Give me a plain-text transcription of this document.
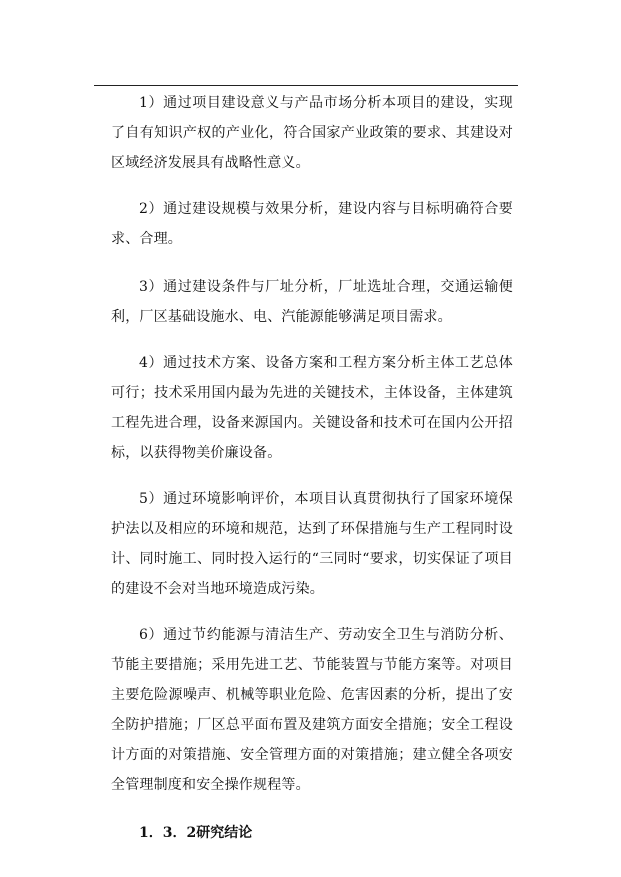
1）通过项目建设意义与产品市场分析本项目的建设，实现了自有知识产权的产业化，符合国家产业政策的要求、其建设对区域经济发展具有战略性意义。

2）通过建设规模与效果分析，建设内容与目标明确符合要求、合理。

3）通过建设条件与厂址分析，厂址选址合理，交通运输便利，厂区基础设施水、电、汽能源能够满足项目需求。

4）通过技术方案、设备方案和工程方案分析主体工艺总体可行；技术采用国内最为先进的关键技术，主体设备，主体建筑工程先进合理，设备来源国内。关键设备和技术可在国内公开招标，以获得物美价廉设备。

5）通过环境影响评价，本项目认真贯彻执行了国家环境保护法以及相应的环境和规范，达到了环保措施与生产工程同时设计、同时施工、同时投入运行的“三同时“要求，切实保证了项目的建设不会对当地环境造成污染。

6）通过节约能源与清洁生产、劳动安全卫生与消防分析、节能主要措施；采用先进工艺、节能装置与节能方案等。对项目主要危险源噪声、机械等职业危险、危害因素的分析，提出了安全防护措施；厂区总平面布置及建筑方面安全措施；安全工程设计方面的对策措施、安全管理方面的对策措施；建立健全各项安全管理制度和安全操作规程等。

1．3．2研究结论
